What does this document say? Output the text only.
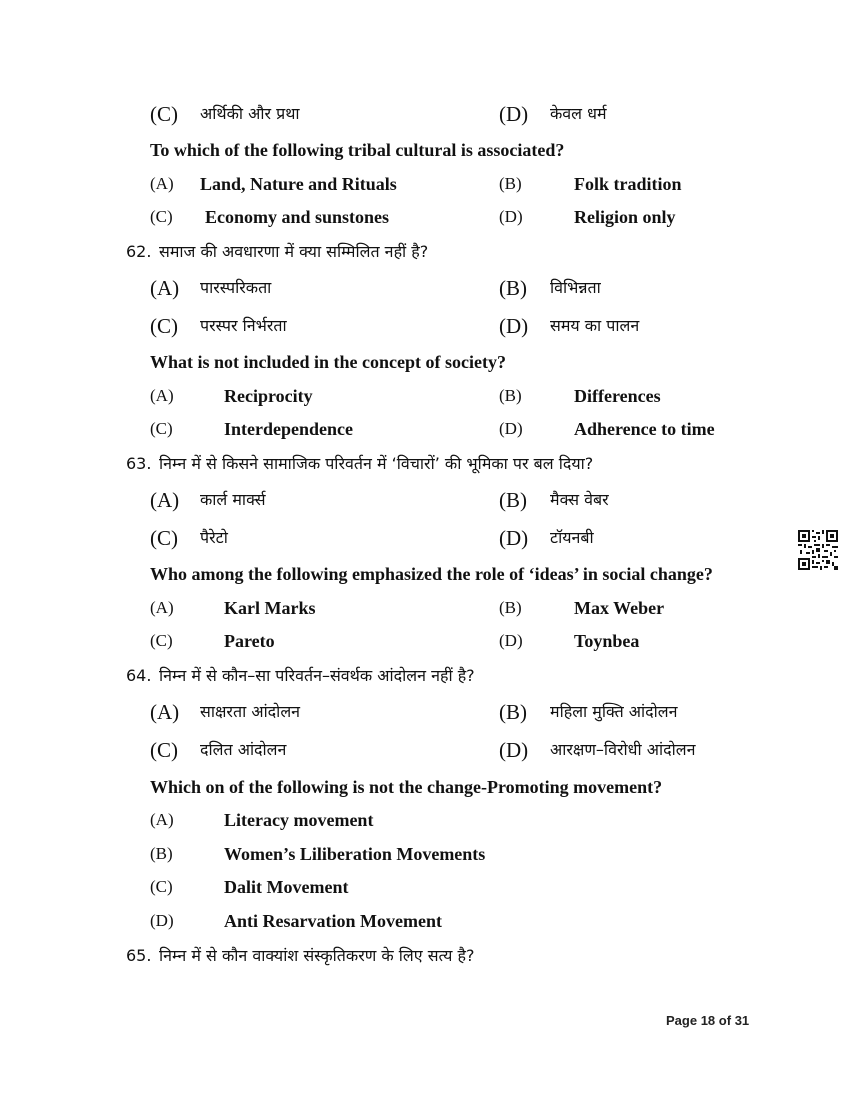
(C) अर्थिकी और प्रथा	(D) केवल धर्म
To which of the following tribal cultural is associated?
(A) Land, Nature and Rituals	(B)	Folk tradition
(C) Economy and sunstones	(D)	Religion only
62. समाज की अवधारणा में क्या सम्मिलित नहीं है?
(A) पारस्परिकता	(B) विभिन्नता
(C) परस्पर निर्भरता	(D) समय का पालन
What is not included in the concept of society?
(A)	Reciprocity	(B)	Differences
(C)	Interdependence	(D)	Adherence to time
63. निम्न में से किसने सामाजिक परिवर्तन में ‘विचारों’ की भूमिका पर बल दिया?
(A) कार्ल मार्क्स	(B) मैक्स वेबर
(C) पैरेटो	(D) टॉयनबी
Who among the following emphasized the role of ‘ideas’ in social change?
(A)	Karl Marks	(B)	Max Weber
(C)	Pareto	(D)	Toynbea
64. निम्न में से कौन–सा परिवर्तन–संवर्थक आंदोलन नहीं है?
(A) साक्षरता आंदोलन	(B) महिला मुक्ति आंदोलन
(C) दलित आंदोलन	(D) आरक्षण–विरोधी आंदोलन
Which on of the following is not the change-Promoting movement?
(A)	Literacy movement
(B)	Women’s Liliberation Movements
(C)	Dalit Movement
(D)	Anti Resarvation Movement
65. निम्न में से कौन वाक्यांश संस्कृतिकरण के लिए सत्य है?
Page 18 of 31
